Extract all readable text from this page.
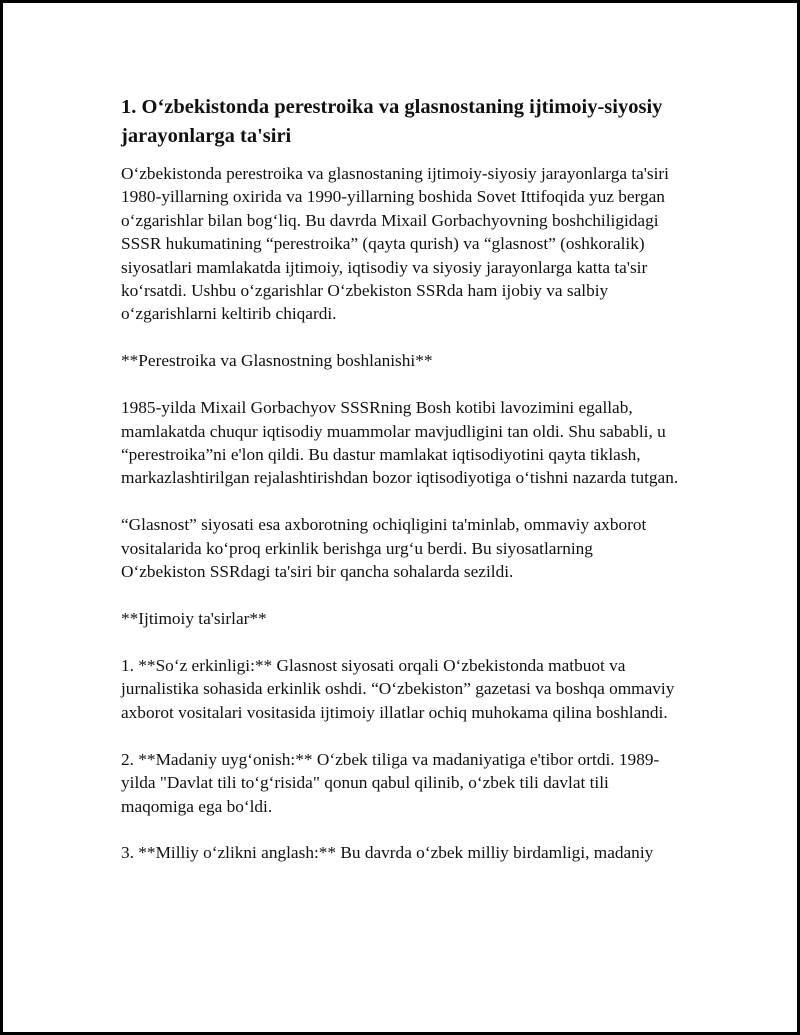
1. O‘zbekistonda perestroika va glasnostaning ijtimoiy-siyosiy jarayonlarga ta'siri

O‘zbekistonda perestroika va glasnostaning ijtimoiy-siyosiy jarayonlarga ta'siri 1980-yillarning oxirida va 1990-yillarning boshida Sovet Ittifoqida yuz bergan o‘zgarishlar bilan bog‘liq. Bu davrda Mixail Gorbachyovning boshchiligidagi SSSR hukumatining “perestroika” (qayta qurish) va “glasnost” (oshkoralik) siyosatlari mamlakatda ijtimoiy, iqtisodiy va siyosiy jarayonlarga katta ta'sir ko‘rsatdi. Ushbu o‘zgarishlar O‘zbekiston SSRda ham ijobiy va salbiy o‘zgarishlarni keltirib chiqardi.

**Perestroika va Glasnostning boshlanishi**

1985-yilda Mixail Gorbachyov SSSRning Bosh kotibi lavozimini egallab, mamlakatda chuqur iqtisodiy muammolar mavjudligini tan oldi. Shu sababli, u “perestroika”ni e'lon qildi. Bu dastur mamlakat iqtisodiyotini qayta tiklash, markazlashtirilgan rejalashtirishdan bozor iqtisodiyotiga o‘tishni nazarda tutgan.

“Glasnost” siyosati esa axborotning ochiqligini ta'minlab, ommaviy axborot vositalarida ko‘proq erkinlik berishga urg‘u berdi. Bu siyosatlarning O‘zbekiston SSRdagi ta'siri bir qancha sohalarda sezildi.

**Ijtimoiy ta'sirlar**

1. **So‘z erkinligi:** Glasnost siyosati orqali O‘zbekistonda matbuot va jurnalistika sohasida erkinlik oshdi. “O‘zbekiston” gazetasi va boshqa ommaviy axborot vositalari vositasida ijtimoiy illatlar ochiq muhokama qilina boshlandi.

2. **Madaniy uyg‘onish:** O‘zbek tiliga va madaniyatiga e'tibor ortdi. 1989-yilda "Davlat tili to‘g‘risida" qonun qabul qilinib, o‘zbek tili davlat tili maqomiga ega bo‘ldi.

3. **Milliy o‘zlikni anglash:** Bu davrda o‘zbek milliy birdamligi, madaniy
